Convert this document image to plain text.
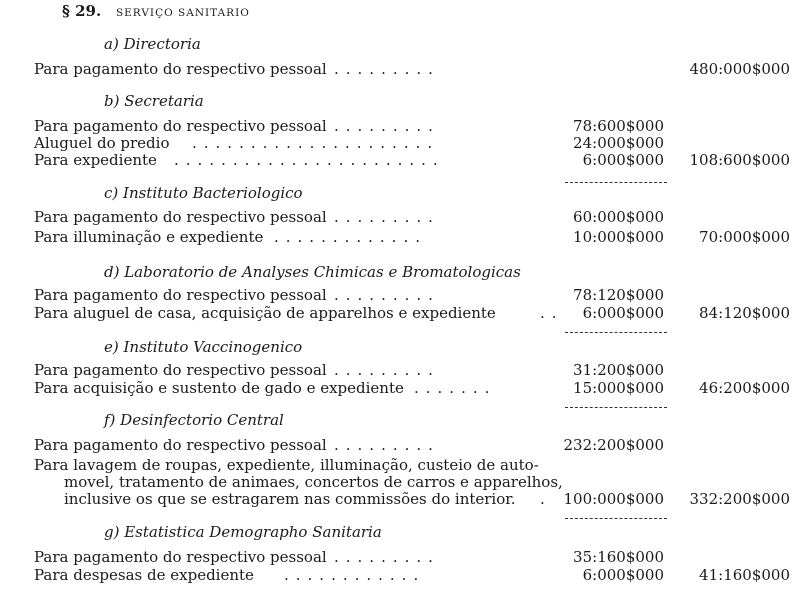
§ 29. SERVIÇO SANITARIO
a) Directoria
Para pagamento do respectivo pessoal .........	480:000$000
b) Secretaria
Para pagamento do respectivo pessoal .........	78:600$000
Aluguel do predio .....................	24:000$000
Para expediente .......................	6:000$000 108:600$000
c) Instituto Bacteriologico
Para pagamento do respectivo pessoal .........	60:000$000
Para illuminação e expediente .............	10:000$000 70:000$000
d) Laboratorio de Analyses Chimicas e Bromatologicas
Para pagamento do respectivo pessoal .........	78:120$000
Para aluguel de casa, acquisição de apparelhos e expediente	.. 6:000$000 84:120$000
e) Instituto Vaccinogenico
Para pagamento do respectivo pessoal .........	31:200$000
Para acquisição e sustento de gado e expediente .......	15:000$000 46:200$000
f) Desinfectorio Central
Para pagamento do respectivo pessoal .........	232:200$000
Para lavagem de roupas, expediente, illuminação, custeio de auto-
movel, tratamento de animaes, concertos de carros e apparelhos,
inclusive os que se estragarem nas commissões do interior. . 100:000$000 332:200$000
g) Estatistica Demographo Sanitaria
Para pagamento do respectivo pessoal .........	35:160$000
Para despesas de expediente ............	6:000$000 41:160$000
